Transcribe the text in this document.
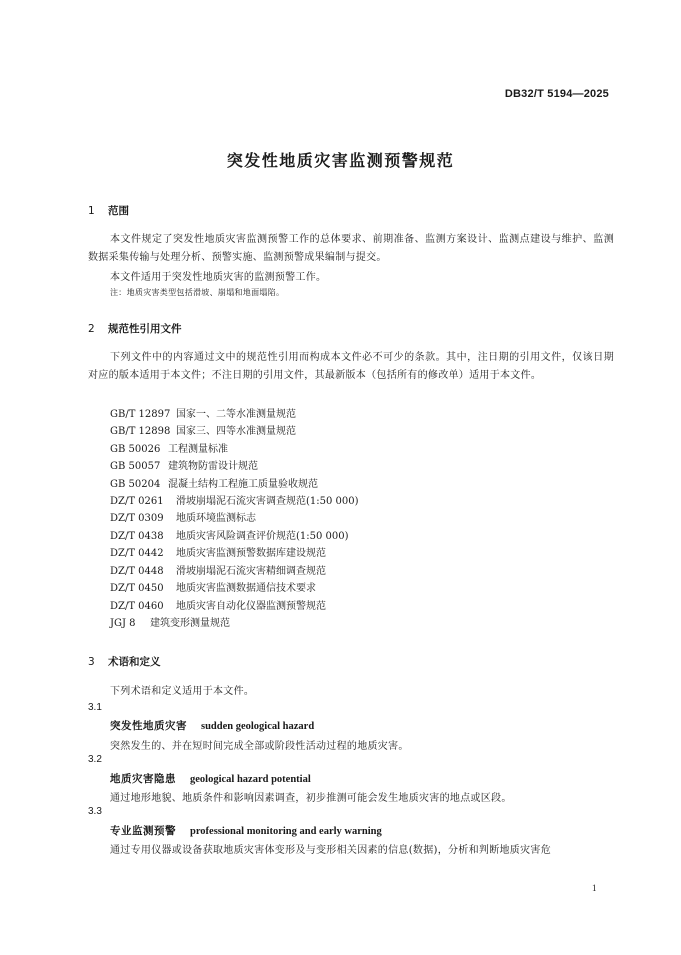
DB32/T 5194—2025
突发性地质灾害监测预警规范
1 范围
本文件规定了突发性地质灾害监测预警工作的总体要求、前期准备、监测方案设计、监测点建设与维护、监测数据采集传输与处理分析、预警实施、监测预警成果编制与提交。
本文件适用于突发性地质灾害的监测预警工作。
注：地质灾害类型包括滑坡、崩塌和地面塌陷。
2 规范性引用文件
下列文件中的内容通过文中的规范性引用而构成本文件必不可少的条款。其中，注日期的引用文件，仅该日期对应的版本适用于本文件；不注日期的引用文件，其最新版本（包括所有的修改单）适用于本文件。
GB/T 12897 国家一、二等水准测量规范
GB/T 12898 国家三、四等水准测量规范
GB 50026 工程测量标准
GB 50057 建筑物防雷设计规范
GB 50204 混凝土结构工程施工质量验收规范
DZ/T 0261 滑坡崩塌泥石流灾害调查规范(1:50 000)
DZ/T 0309 地质环境监测标志
DZ/T 0438 地质灾害风险调查评价规范(1:50 000)
DZ/T 0442 地质灾害监测预警数据库建设规范
DZ/T 0448 滑坡崩塌泥石流灾害精细调查规范
DZ/T 0450 地质灾害监测数据通信技术要求
DZ/T 0460 地质灾害自动化仪器监测预警规范
JGJ 8 建筑变形测量规范
3 术语和定义
下列术语和定义适用于本文件。
3.1
突发性地质灾害 sudden geological hazard
突然发生的、并在短时间完成全部或阶段性活动过程的地质灾害。
3.2
地质灾害隐患 geological hazard potential
通过地形地貌、地质条件和影响因素调查，初步推测可能会发生地质灾害的地点或区段。
3.3
专业监测预警 professional monitoring and early warning
通过专用仪器或设备获取地质灾害体变形及与变形相关因素的信息(数据)，分析和判断地质灾害危
1
